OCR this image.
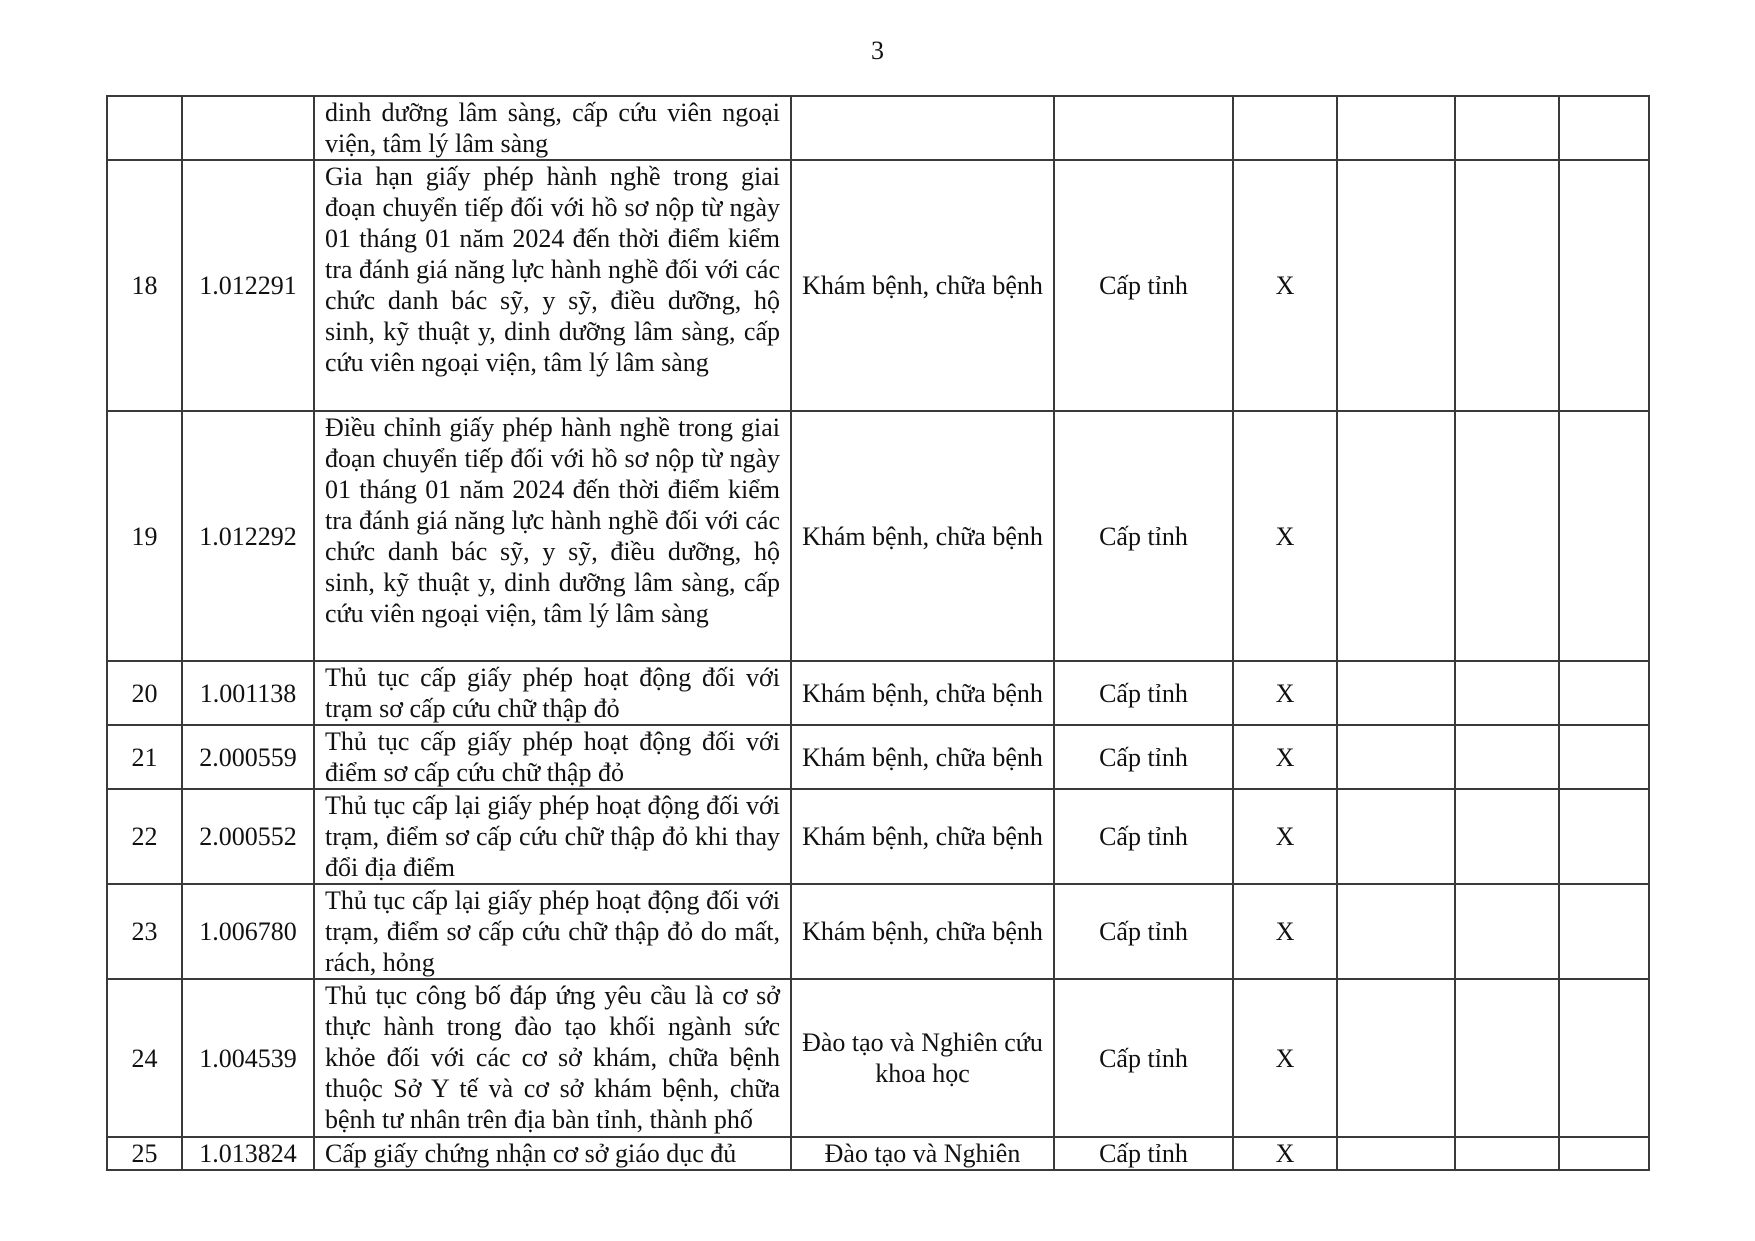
3
		dinh dưỡng lâm sàng, cấp cứu viên ngoại viện, tâm lý lâm sàng						
18	1.012291	Gia hạn giấy phép hành nghề trong giai đoạn chuyển tiếp đối với hồ sơ nộp từ ngày 01 tháng 01 năm 2024 đến thời điểm kiểm tra đánh giá năng lực hành nghề đối với các chức danh bác sỹ, y sỹ, điều dưỡng, hộ sinh, kỹ thuật y, dinh dưỡng lâm sàng, cấp cứu viên ngoại viện, tâm lý lâm sàng	Khám bệnh, chữa bệnh	Cấp tỉnh	X			
19	1.012292	Điều chỉnh giấy phép hành nghề trong giai đoạn chuyển tiếp đối với hồ sơ nộp từ ngày 01 tháng 01 năm 2024 đến thời điểm kiểm tra đánh giá năng lực hành nghề đối với các chức danh bác sỹ, y sỹ, điều dưỡng, hộ sinh, kỹ thuật y, dinh dưỡng lâm sàng, cấp cứu viên ngoại viện, tâm lý lâm sàng	Khám bệnh, chữa bệnh	Cấp tỉnh	X			
20	1.001138	Thủ tục cấp giấy phép hoạt động đối với trạm sơ cấp cứu chữ thập đỏ	Khám bệnh, chữa bệnh	Cấp tỉnh	X			
21	2.000559	Thủ tục cấp giấy phép hoạt động đối với điểm sơ cấp cứu chữ thập đỏ	Khám bệnh, chữa bệnh	Cấp tỉnh	X			
22	2.000552	Thủ tục cấp lại giấy phép hoạt động đối với trạm, điểm sơ cấp cứu chữ thập đỏ khi thay đổi địa điểm	Khám bệnh, chữa bệnh	Cấp tỉnh	X			
23	1.006780	Thủ tục cấp lại giấy phép hoạt động đối với trạm, điểm sơ cấp cứu chữ thập đỏ do mất, rách, hỏng	Khám bệnh, chữa bệnh	Cấp tỉnh	X			
24	1.004539	Thủ tục công bố đáp ứng yêu cầu là cơ sở thực hành trong đào tạo khối ngành sức khỏe đối với các cơ sở khám, chữa bệnh thuộc Sở Y tế và cơ sở khám bệnh, chữa bệnh tư nhân trên địa bàn tỉnh, thành phố	Đào tạo và Nghiên cứu khoa học	Cấp tỉnh	X			
25	1.013824	Cấp giấy chứng nhận cơ sở giáo dục đủ	Đào tạo và Nghiên	Cấp tỉnh	X			
